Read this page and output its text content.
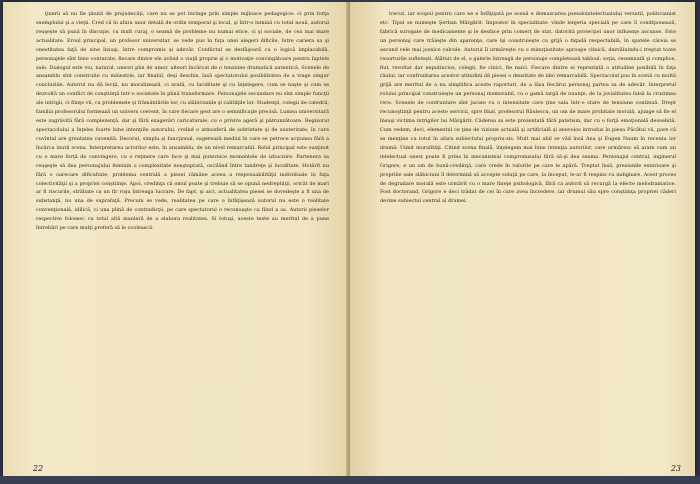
ţinerii să nu fie ţinută de prejudecăţi, care nu se pot învinge prin simple mijloace pedagogice: ci prin forţa exemplului şi a vieţii. Cred că în afara unor detalii de ordin temporal şi local, şi într-o lumină cu totul nouă, autorul reuşeşte să pună în discuţie, cu mult curaj, o seamă de probleme nu numai etice, ci şi sociale, de cea mai mare actualitate. Eroul principal, un profesor universitar, se vede pus în faţa unei alegeri dificile, între cariera sa şi onestitatea faţă de sine însuşi, între compromis şi adevăr. Conflictul se desfăşoară cu o logică implacabilă, personajele sînt bine conturate, fiecare dintre ele având o viaţă proprie şi o motivaţie convingătoare pentru faptele sale. Dialogul este viu, natural, uneori plin de umor, alteori încărcat de o tensiune dramatică autentică. Scenele de ansamblu sînt construite cu măiestrie, iar finalul, deşi deschis, lasă spectatorului posibilitatea de a trage singur concluziile. Autorul nu dă lecţii, nu moralizează, ci arată, cu luciditate şi cu înţelegere, cum se naşte şi cum se dezvoltă un conflict de conştiinţă într-o societate în plină transformare. Personajele secundare nu sînt simple funcţii ale intrigii, ci fiinţe vii, cu problemele şi frământările lor, cu slăbiciunile şi calităţile lor. Studenţii, colegii de catedră, familia profesorului formează un univers coerent, în care fiecare gest are o semnificaţie precisă. Lumea universitară este zugrăvită fără complezenţă, dar şi fără exagerări caricaturale, cu o privire ageră şi pătrunzătoare. Regizorul spectacolului a înţeles foarte bine intenţiile autorului, creînd o atmosferă de sobrietate şi de austeritate, în care cuvîntul are greutatea cuvenită. Decorul, simplu şi funcţional, sugerează mediul în care se petrece acţiunea fără a încărca inutil scena. Interpretarea actorilor este, în ansamblu, de un nivel remarcabil. Rolul principal este susţinut cu o mare forţă de convingere, cu o reţinere care face şi mai puternice momentele de izbucnire. Partenera sa reuşeşte să dea personajului feminin o complexitate neaşteptată, oscilând între tandreţe şi luciditate. Hotărît nu fără o oarecare dificultate, problema centrală a piesei rămâne aceea a responsabilităţii individuale în faţa colectivităţii şi a propriei conştiinţe. Apoi, credinţa că omul poate şi trebuie să se opună nedreptăţii, oricât de mari ar fi riscurile, străbate ca un fir roşu întreaga lucrare. De fapt, şi aici, actualitatea piesei se dovedeşte a fi una de substanţă, nu una de suprafaţă. Precum se vede, realitatea pe care o înfăţişează autorul nu este o realitate convenţională, idilică, ci una plină de contradicţii, pe care spectatorul o recunoaşte ca fiind a sa. Autorii pieselor respective folosesc cu totul altă manieră de a elabora realitatea. Si totuşi, aceste texte au meritul de a pune întrebări pe care mulţi preferă să le ocolească.
22
trecut, iar scopul pentru care ne e înfăţişată pe scenă e demascarea pseudointelectualului versatil, politicianist etc. Tipul se numeşte Şerban Mărgărit. Impostor în specialitate: vinde lenjeria specială pe care îl condiţionează, fabrică surogate de medicamente şi le desface prin comerţ de stat, datorită protecţiei unor influenţe ascunse. Este un personaj care trăieşte din aparenţe, care îşi construieşte cu grijă o faţadă respectabilă, în spatele căreia se ascund cele mai josnice calcule. Autorul îl urmăreşte cu o minuţiozitate aproape clinică, dezvăluindu-i treptat toate resorturile sufleteşti. Alături de el, o galerie întreagă de personaje completează tabloul: soţia, resemnată şi complice, fiul, revoltat dar neputincios, colegii, fie cinici, fie naivi. Fiecare dintre ei reprezintă o atitudine posibilă în faţa răului, iar confruntarea acestor atitudini dă piesei o densitate de idei remarcabilă. Spectacolul pus în scenă cu multă grijă are meritul de a nu simplifica aceste raporturi, de a lăsa fiecărui personaj partea sa de adevăr. Interpretul rolului principal construieşte un personaj memorabil, cu o gamă largă de nuanţe, de la jovialitatea falsă la cruzimea rece. Scenele de confruntare sînt jucate cu o intensitate care ţine sala într-o stare de tensiune continuă. Drept recunoştinţă pentru aceste servicii, spre final, profesorul Răulescu, un om de mare probitate morală, ajunge să fie el însuşi victima intrigilor lui Mărgărit. Căderea sa este prezentată fără patetism, dar cu o forţă emoţională deosebită. Cum vedem, deci, elementul ce ţine de viziune actuală şi artificială şi anevoios introdus în piesa Păcătui vii, pare că se menţine cu totul în afara subiectului propriu-zis. Mult mai abil se văd însă Ana şi Eugen Naum în recenta lor dramă: Uimit moralităţi. Citind scena finală, înţelegem mai bine intenţia autorilor, care urmăresc să arate cum un intelectual onest poate fi prins în mecanismul compromisului fără să-şi dea seama. Personajul central, inginerul Grigore, e un om de bună-credinţă, care crede în valorile pe care le apără. Treptat însă, presiunile exterioare şi propriile sale slăbiciuni îl determină să accepte soluţii pe care, la început, le-ar fi respins cu indignare. Acest proces de degradare morală este urmărit cu o mare fineţe psihologică, fără ca autorii să recurgă la efecte melodramatice. Fost doctorand, Grigore e deci trădat de cei în care avea încredere, iar drumul său spre conştiinţa propriei căderi devine subiectul central al dramei.
23
